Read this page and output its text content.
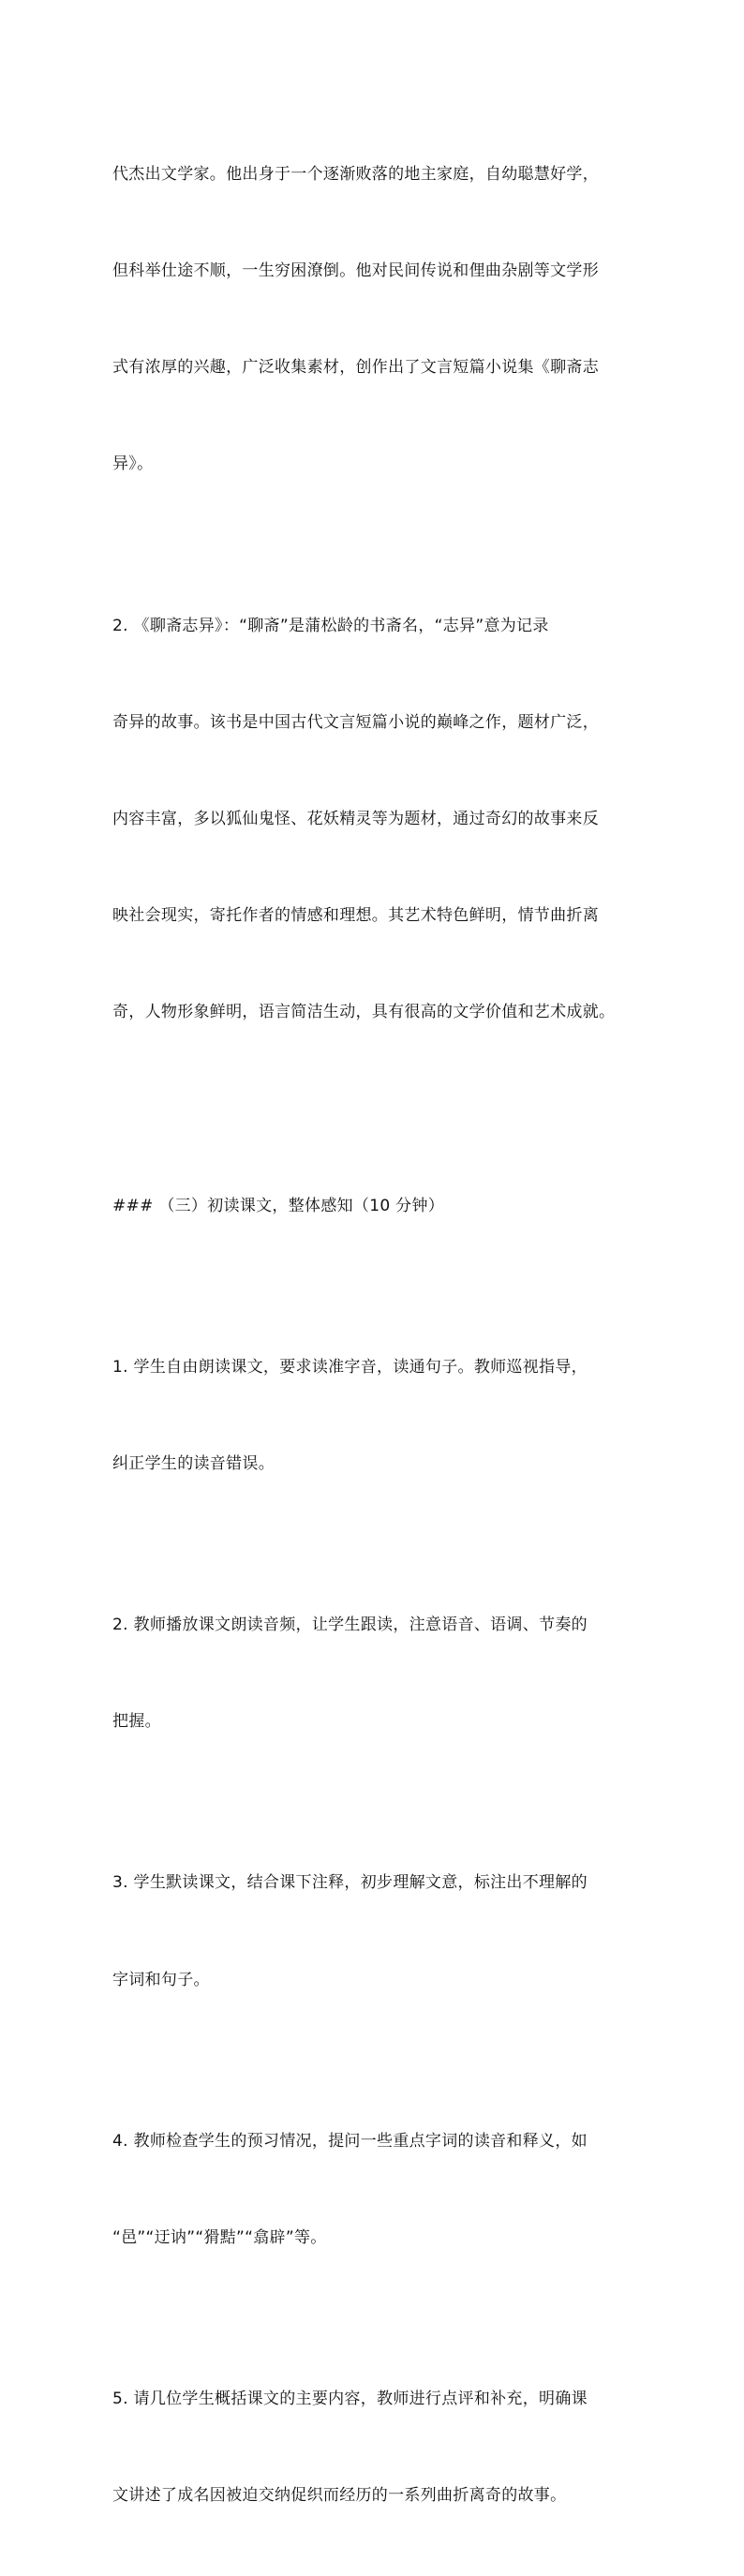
代杰出文学家。他出身于一个逐渐败落的地主家庭，自幼聪慧好学，

但科举仕途不顺，一生穷困潦倒。他对民间传说和俚曲杂剧等文学形

式有浓厚的兴趣，广泛收集素材，创作出了文言短篇小说集《聊斋志

异》。

2. 《聊斋志异》：“聊斋”是蒲松龄的书斋名，“志异”意为记录

奇异的故事。该书是中国古代文言短篇小说的巅峰之作，题材广泛，

内容丰富，多以狐仙鬼怪、花妖精灵等为题材，通过奇幻的故事来反

映社会现实，寄托作者的情感和理想。其艺术特色鲜明，情节曲折离

奇，人物形象鲜明，语言简洁生动，具有很高的文学价值和艺术成就。

### （三）初读课文，整体感知（10 分钟）

1. 学生自由朗读课文，要求读准字音，读通句子。教师巡视指导，

纠正学生的读音错误。

2. 教师播放课文朗读音频，让学生跟读，注意语音、语调、节奏的

把握。

3. 学生默读课文，结合课下注释，初步理解文意，标注出不理解的

字词和句子。

4. 教师检查学生的预习情况，提问一些重点字词的读音和释义，如

“邑”“迂讷”“猾黠”“翕辟”等。

5. 请几位学生概括课文的主要内容，教师进行点评和补充，明确课

文讲述了成名因被迫交纳促织而经历的一系列曲折离奇的故事。
